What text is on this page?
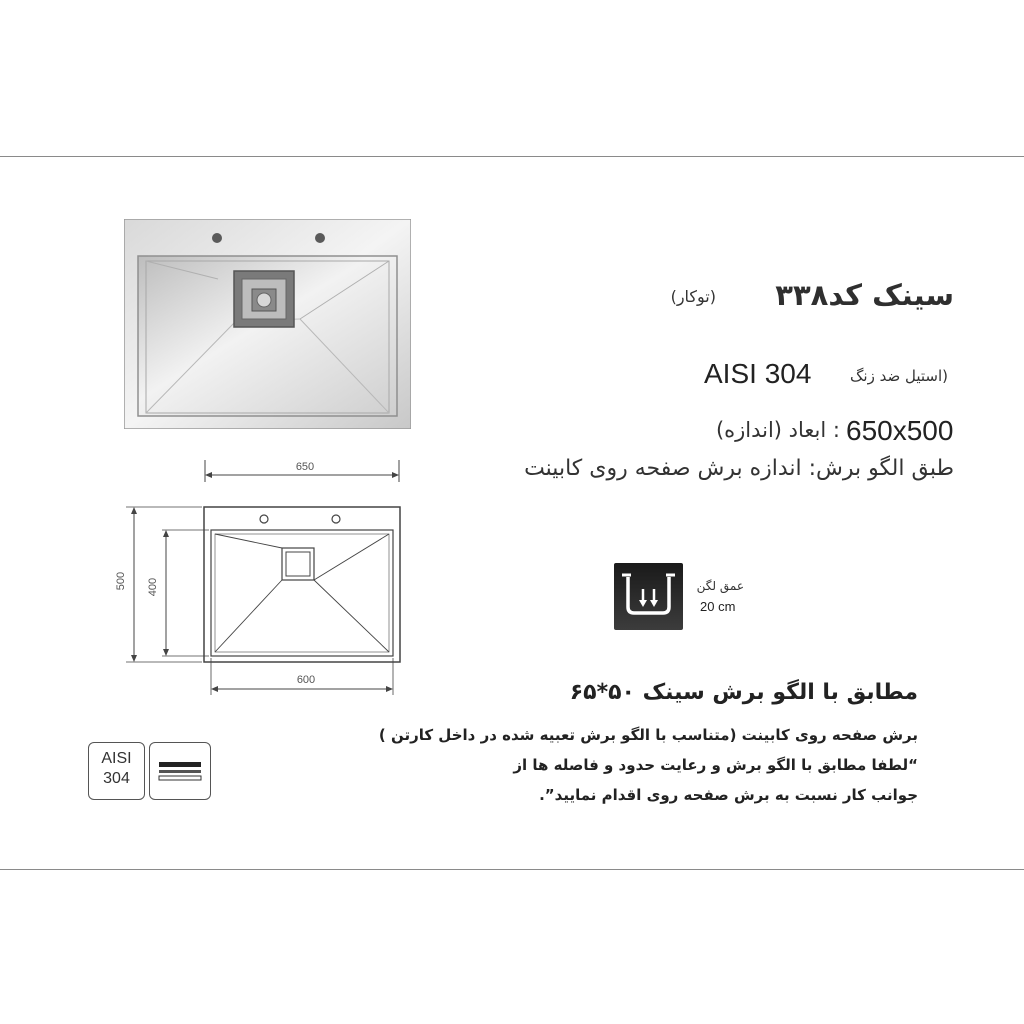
650
500 400
600
سینک کد۳۳۸
(توکار)
AISI 304	(استیل ضد زنگ
650x500
: ابعاد (اندازه)
طبق الگو برش: اندازه برش صفحه روی کابینت
عمق لگن
20 cm
مطابق با الگو برش سینک ۵۰*۶۵
برش صفحه روی کابینت (متناسب با الگو برش تعبیه شده در داخل کارتن )
“لطفا مطابق با الگو برش و رعایت حدود و فاصله ها از
جوانب کار نسبت به برش صفحه روی اقدام نمایید”.
AISI
304
